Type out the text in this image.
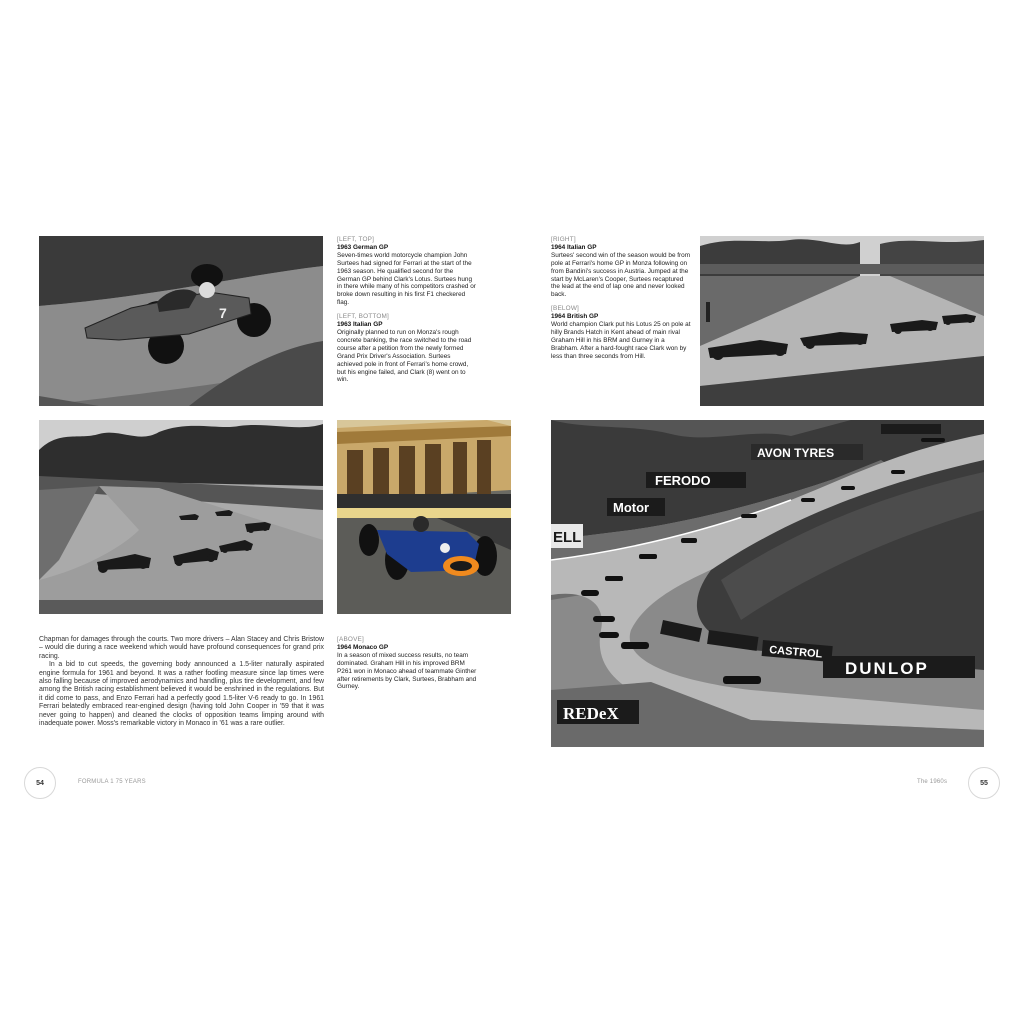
7

[LEFT, TOP]

1963 German GP

Seven-times world motorcycle champion John Surtees had signed for Ferrari at the start of the 1963 season. He qualified second for the German GP behind Clark's Lotus. Surtees hung in there while many of his competitors crashed or broke down resulting in his first F1 checkered flag.

[LEFT, BOTTOM]

1963 Italian GP

Originally planned to run on Monza's rough concrete banking, the race switched to the road course after a petition from the newly formed Grand Prix Driver's Association. Surtees achieved pole in front of Ferrari's home crowd, but his engine failed, and Clark (8) went on to win.

[RIGHT]

1964 Italian GP

Surtees' second win of the season would be from pole at Ferrari's home GP in Monza following on from Bandini's success in Austria. Jumped at the start by McLaren's Cooper, Surtees recaptured the lead at the end of lap one and never looked back.

[BELOW]

1964 British GP

World champion Clark put his Lotus 25 on pole at hilly Brands Hatch in Kent ahead of main rival Graham Hill in his BRM and Gurney in a Brabham. After a hard-fought race Clark won by less than three seconds from Hill.

FERODO
AVON TYRES
Motor
ELL
CASTROL
DUNLOP
REDeX

Chapman for damages through the courts. Two more drivers – Alan Stacey and Chris Bristow – would die during a race weekend which would have profound consequences for grand prix racing.

In a bid to cut speeds, the governing body announced a 1.5-liter naturally aspirated engine formula for 1961 and beyond. It was a rather footling measure since lap times were also falling because of improved aerodynamics and handling, plus tire development, and few among the British racing establishment believed it would be enshrined in the regulations. But it did come to pass, and Enzo Ferrari had a perfectly good 1.5-liter V-6 ready to go. In 1961 Ferrari belatedly embraced rear-engined design (having told John Cooper in '59 that it was never going to happen) and cleaned the clocks of opposition teams limping around with inadequate power. Moss's remarkable victory in Monaco in '61 was a rare outlier.

[ABOVE]

1964 Monaco GP

In a season of mixed success results, no team dominated. Graham Hill in his improved BRM P261 won in Monaco ahead of teammate Ginther after retirements by Clark, Surtees, Brabham and Gurney.

54	FORMULA 1 75 YEARS	The 1960s	55
